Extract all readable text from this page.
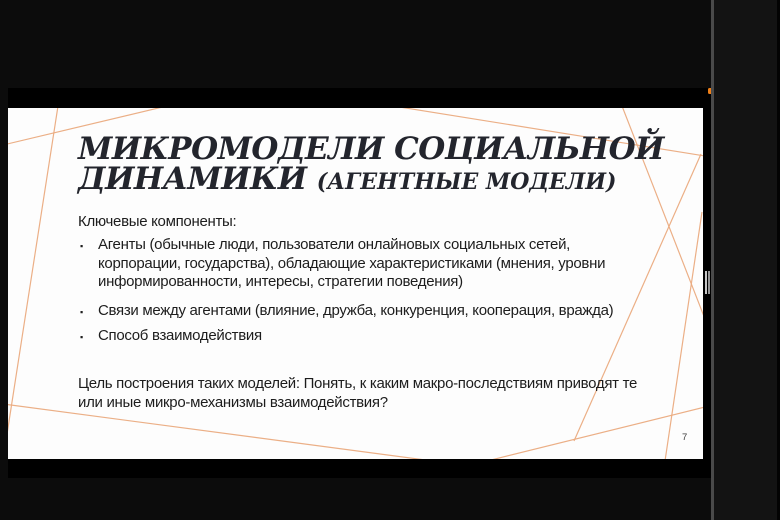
МИКРОМОДЕЛИ СОЦИАЛЬНОЙ
ДИНАМИКИ (АГЕНТНЫЕ МОДЕЛИ)
Ключевые компоненты:
▪ Агенты (обычные люди, пользователи онлайновых социальных сетей,
корпорации, государства), обладающие характеристиками (мнения, уровни
информированности, интересы, стратегии поведения)
▪ Связи между агентами (влияние, дружба, конкуренция, кооперация, вражда)
▪ Способ взаимодействия
Цель построения таких моделей: Понять, к каким макро-последствиям приводят те
или иные микро-механизмы взаимодействия?
7
